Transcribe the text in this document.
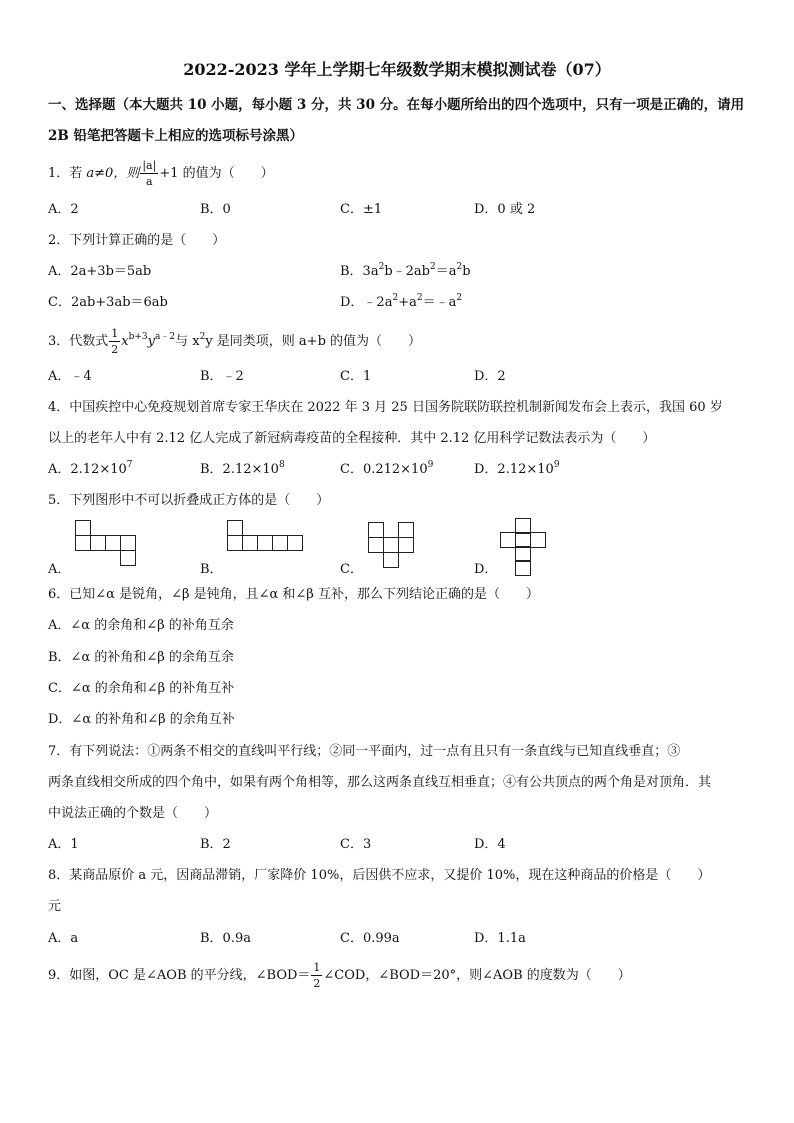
2022-2023 学年上学期七年级数学期末模拟测试卷（07）
一、选择题（本大题共 10 小题，每小题 3 分，共 30 分。在每小题所给出的四个选项中，只有一项是正确的，请用
2B 铅笔把答题卡上相应的选项标号涂黑）
1．若 a≠0，则 $\frac{|a|}{a} +1$ 的值为（　　）
A．2	B．0	C．±1	D．0 或 2
2．下列计算正确的是（　　）
A．2a+3b＝5ab	B．$3a^2b﹣2ab^2=a^2b$
C．2ab+3ab＝6ab	D．$﹣2a^2+a^2=﹣a^2$
3．代数式 $\frac{1}{2} x^{b+3}y^{a﹣2}$与 $x^2y$ 是同类项，则 a+b 的值为（　　）
A．﹣4	B．﹣2	C．1	D．2
4．中国疾控中心免疫规划首席专家王华庆在 2022 年 3 月 25 日国务院联防联控机制新闻发布会上表示，我国 60 岁
以上的老年人中有 2.12 亿人完成了新冠病毒疫苗的全程接种．其中 2.12 亿用科学记数法表示为（　　）
A．$2.12\times 10^7$	B．$2.12\times 10^8$	C．$0.212\times 10^9$	D．$2.12\times 10^9$
5．下列图形中不可以折叠成正方体的是（　　）
A．	B．	C．	D．
6．已知∠α 是锐角，∠β 是钝角，且∠α 和∠β 互补，那么下列结论正确的是（　　）
A．∠α 的余角和∠β 的补角互余
B．∠α 的补角和∠β 的余角互余
C．∠α 的余角和∠β 的补角互补
D．∠α 的补角和∠β 的余角互补
7．有下列说法：①两条不相交的直线叫平行线；②同一平面内，过一点有且只有一条直线与已知直线垂直；③
两条直线相交所成的四个角中，如果有两个角相等，那么这两条直线互相垂直；④有公共顶点的两个角是对顶角．其
中说法正确的个数是（　　）
A．1	B．2	C．3	D．4
8．某商品原价 a 元，因商品滞销，厂家降价 10%，后因供不应求，又提价 10%，现在这种商品的价格是（　　）
元
A．a	B．0.9a	C．0.99a	D．1.1a
9．如图，OC 是∠AOB 的平分线，∠BOD＝ $\frac{1}{2}$ ∠COD，∠BOD＝20°，则∠AOB 的度数为（　　）
